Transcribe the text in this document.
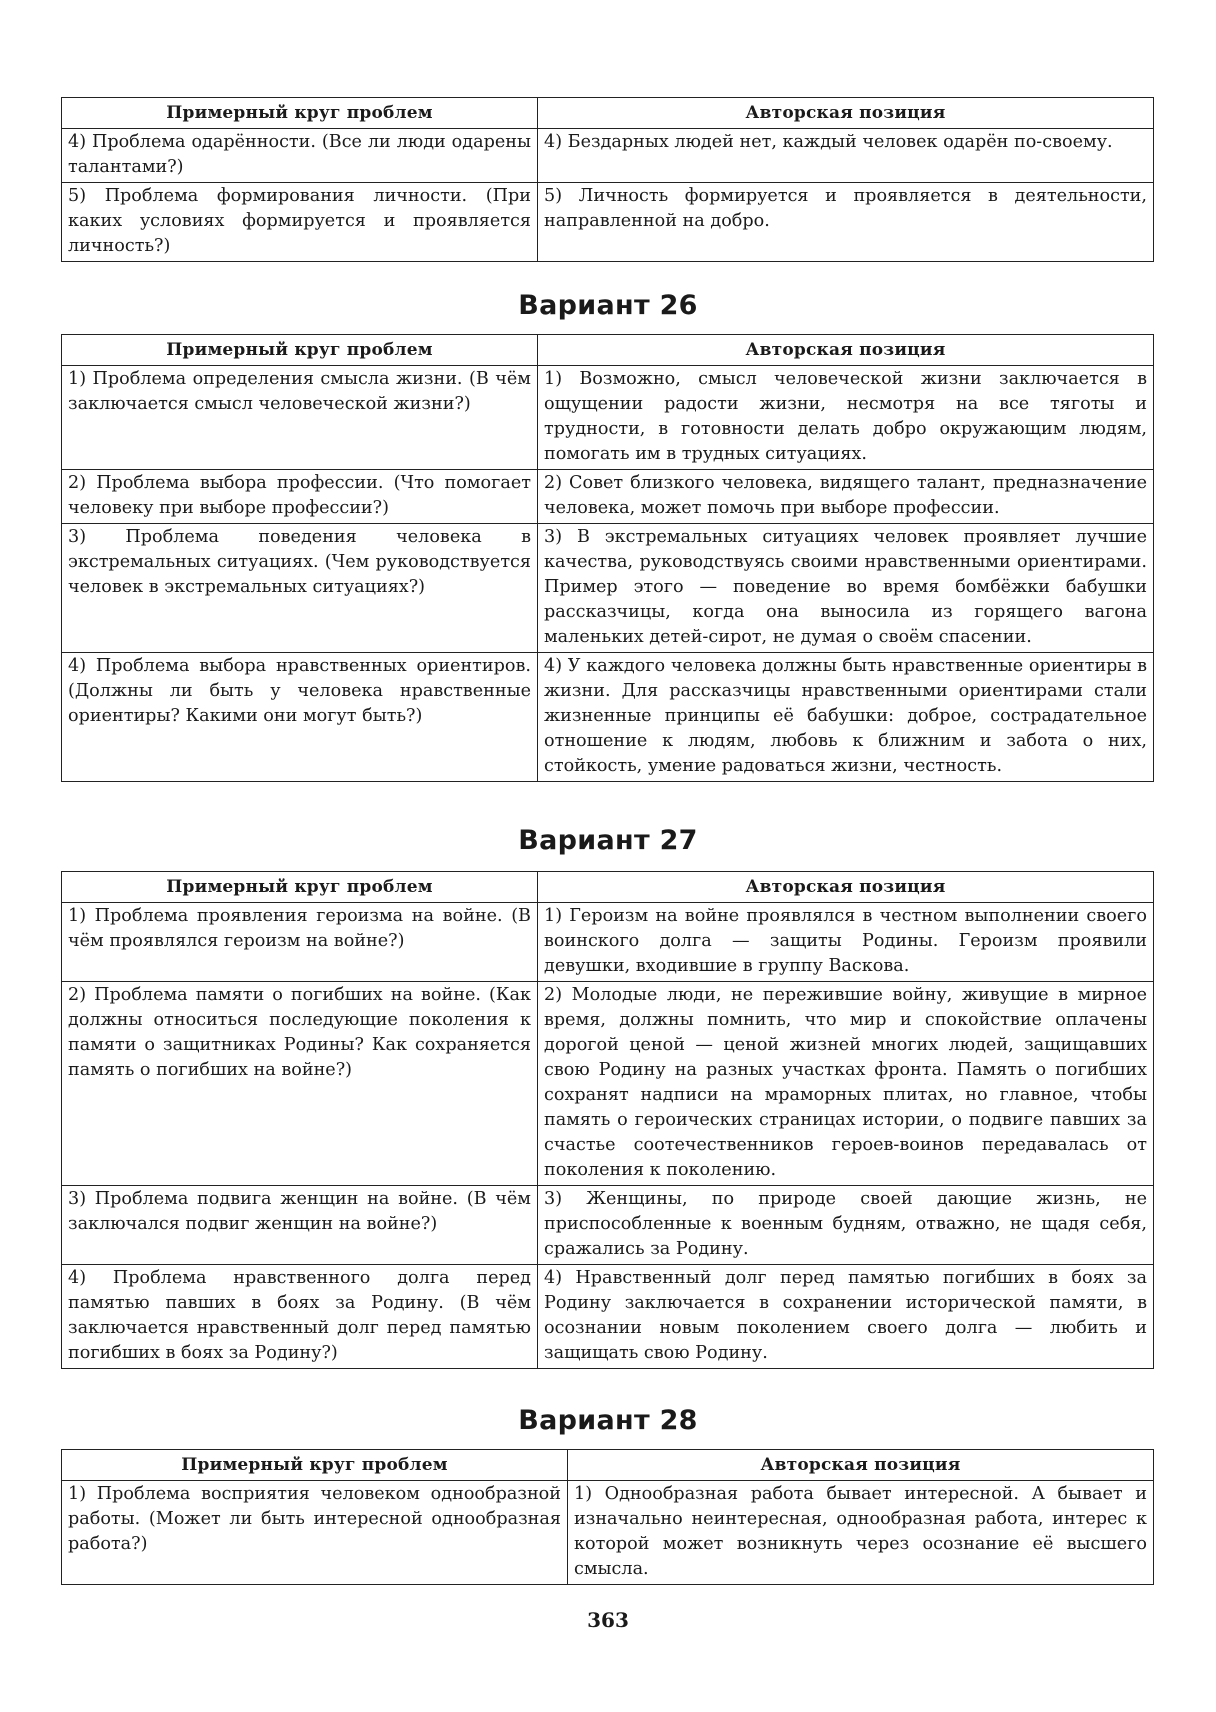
Примерный круг проблем	Авторская позиция
4) Проблема одарённости. (Все ли люди одарены талантами?)	4) Бездарных людей нет, каждый человек одарён по-своему.
5) Проблема формирования личности. (При каких условиях формируется и проявляется личность?)	5) Личность формируется и проявляется в деятельности, направленной на добро.
Вариант 26
Примерный круг проблем	Авторская позиция
1) Проблема определения смысла жизни. (В чём заключается смысл человеческой жизни?)	1) Возможно, смысл человеческой жизни заключается в ощущении радости жизни, несмотря на все тяготы и трудности, в готовности делать добро окружающим людям, помогать им в трудных ситуациях.
2) Проблема выбора профессии. (Что помогает человеку при выборе профессии?)	2) Совет близкого человека, видящего талант, предназначение человека, может помочь при выборе профессии.
3) Проблема поведения человека в экстремальных ситуациях. (Чем руководствуется человек в экстремальных ситуациях?)	3) В экстремальных ситуациях человек проявляет лучшие качества, руководствуясь своими нравственными ориентирами. Пример этого — поведение во время бомбёжки бабушки рассказчицы, когда она выносила из горящего вагона маленьких детей-сирот, не думая о своём спасении.
4) Проблема выбора нравственных ориентиров. (Должны ли быть у человека нравственные ориентиры? Какими они могут быть?)	4) У каждого человека должны быть нравственные ориентиры в жизни. Для рассказчицы нравственными ориентирами стали жизненные принципы её бабушки: доброе, сострадательное отношение к людям, любовь к ближним и забота о них, стойкость, умение радоваться жизни, честность.
Вариант 27
Примерный круг проблем	Авторская позиция
1) Проблема проявления героизма на войне. (В чём проявлялся героизм на войне?)	1) Героизм на войне проявлялся в честном выполнении своего воинского долга — защиты Родины. Героизм проявили девушки, входившие в группу Васкова.
2) Проблема памяти о погибших на войне. (Как должны относиться последующие поколения к памяти о защитниках Родины? Как сохраняется память о погибших на войне?)	2) Молодые люди, не пережившие войну, живущие в мирное время, должны помнить, что мир и спокойствие оплачены дорогой ценой — ценой жизней многих людей, защищавших свою Родину на разных участках фронта. Память о погибших сохранят надписи на мраморных плитах, но главное, чтобы память о героических страницах истории, о подвиге павших за счастье соотечественников героев-воинов передавалась от поколения к поколению.
3) Проблема подвига женщин на войне. (В чём заключался подвиг женщин на войне?)	3) Женщины, по природе своей дающие жизнь, не приспособленные к военным будням, отважно, не щадя себя, сражались за Родину.
4) Проблема нравственного долга перед памятью павших в боях за Родину. (В чём заключается нравственный долг перед памятью погибших в боях за Родину?)	4) Нравственный долг перед памятью погибших в боях за Родину заключается в сохранении исторической памяти, в осознании новым поколением своего долга — любить и защищать свою Родину.
Вариант 28
Примерный круг проблем	Авторская позиция
1) Проблема восприятия человеком однообразной работы. (Может ли быть интересной однообразная работа?)	1) Однообразная работа бывает интересной. А бывает и изначально неинтересная, однообразная работа, интерес к которой может возникнуть через осознание её высшего смысла.
363
